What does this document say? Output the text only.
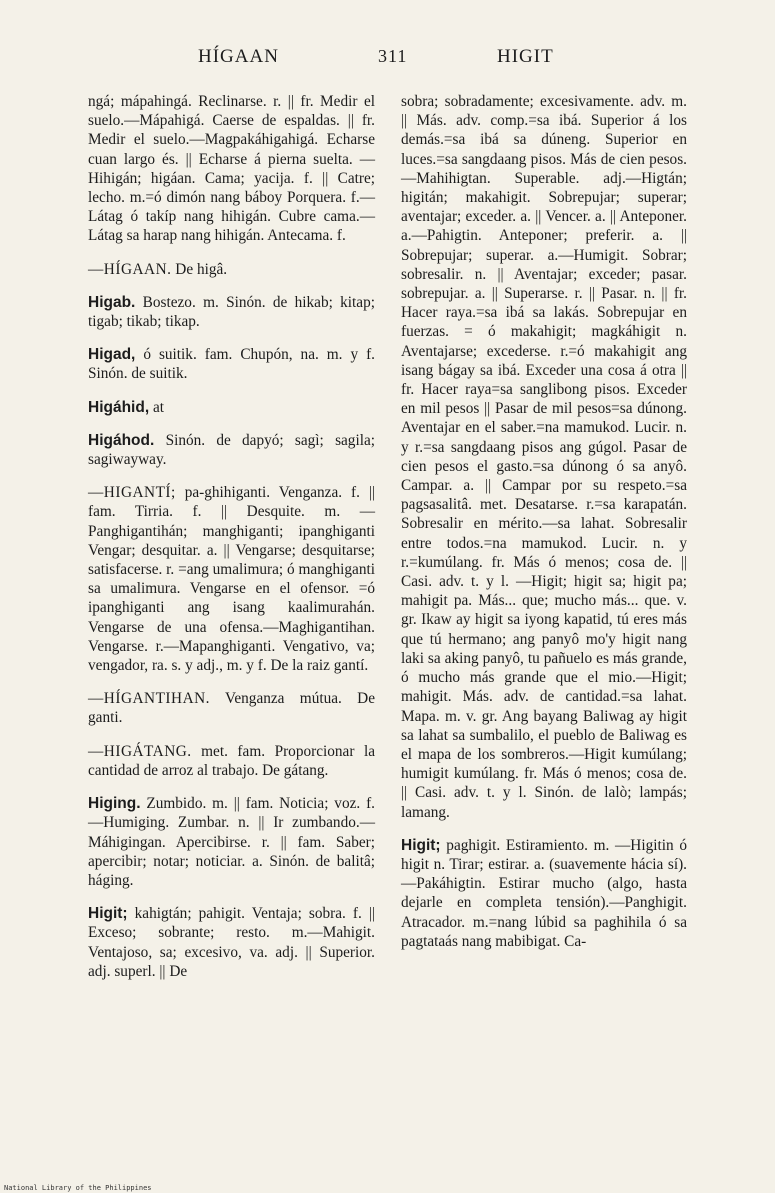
HÍGAAN	311	HIGIT

ngá; mápahingá. Reclinarse. r. || fr. Medir el suelo.—Mápahigá. Caerse de espaldas. || fr. Medir el suelo.—Magpakáhigahigá. Echarse cuan largo és. || Echarse á pierna suelta. — Hihigán; higáan. Cama; yacija. f. || Catre; lecho. m.=ó dimón nang báboy Porquera. f.—Látag ó takíp nang hihigán. Cubre cama.—Látag sa harap nang hihigán. Antecama. f.

—HÍGAAN. De higâ.

Higab. Bostezo. m. Sinón. de hikab; kitap; tigab; tikab; tikap.

Higad, ó suitik. fam. Chupón, na. m. y f. Sinón. de suitik.

Higáhid, at

Higáhod. Sinón. de dapyó; sagì; sagila; sagiwayway.

—HIGANTÍ; pa-ghihiganti. Venganza. f. || fam. Tirria. f. || Desquite. m. — Panghigantihán; manghiganti; ipanghiganti Vengar; desquitar. a. || Vengarse; desquitarse; satisfacerse. r. =ang umalimura; ó manghiganti sa umalimura. Vengarse en el ofensor. =ó ipanghiganti ang isang kaalimurahán. Vengarse de una ofensa.—Maghigantihan. Vengarse. r.—Mapanghiganti. Vengativo, va; vengador, ra. s. y adj., m. y f. De la raiz gantí.

—HÍGANTIHAN. Venganza mútua. De ganti.

—HIGÁTANG. met. fam. Proporcionar la cantidad de arroz al trabajo. De gátang.

Higing. Zumbido. m. || fam. Noticia; voz. f.—Humiging. Zumbar. n. || Ir zumbando.—Máhigingan. Apercibirse. r. || fam. Saber; apercibir; notar; noticiar. a. Sinón. de balitâ; háging.

Higit; kahigtán; pahigit. Ventaja; sobra. f. || Exceso; sobrante; resto. m.—Mahigit. Ventajoso, sa; excesivo, va. adj. || Superior. adj. superl. || De

sobra; sobradamente; excesivamente. adv. m. || Más. adv. comp.=sa ibá. Superior á los demás.=sa ibá sa dúneng. Superior en luces.=sa sangdaang pisos. Más de cien pesos.—Mahihigtan. Superable. adj.—Higtán; higitán; makahigit. Sobrepujar; superar; aventajar; exceder. a. || Vencer. a. || Anteponer. a.—Pahigtin. Anteponer; preferir. a. || Sobrepujar; superar. a.—Humigit. Sobrar; sobresalir. n. || Aventajar; exceder; pasar. sobrepujar. a. || Superarse. r. || Pasar. n. || fr. Hacer raya.=sa ibá sa lakás. Sobrepujar en fuerzas. = ó makahigit; magkáhigit n. Aventajarse; excederse. r.=ó makahigit ang isang bágay sa ibá. Exceder una cosa á otra || fr. Hacer raya=sa sanglibong pisos. Exceder en mil pesos || Pasar de mil pesos=sa dúnong. Aventajar en el saber.=na mamukod. Lucir. n. y r.=sa sangdaang pisos ang gúgol. Pasar de cien pesos el gasto.=sa dúnong ó sa anyô. Campar. a. || Campar por su respeto.=sa pagsasalitâ. met. Desatarse. r.=sa karapatán. Sobresalir en mérito.—sa lahat. Sobresalir entre todos.=na mamukod. Lucir. n. y r.=kumúlang. fr. Más ó menos; cosa de. || Casi. adv. t. y l. —Higit; higit sa; higit pa; mahigit pa. Más... que; mucho más... que. v. gr. Ikaw ay higit sa iyong kapatid, tú eres más que tú hermano; ang panyô mo'y higit nang laki sa aking panyô, tu pañuelo es más grande, ó mucho más grande que el mio.—Higit; mahigit. Más. adv. de cantidad.=sa lahat. Mapa. m. v. gr. Ang bayang Baliwag ay higit sa lahat sa sumbalilo, el pueblo de Baliwag es el mapa de los sombreros.—Higit kumúlang; humigit kumúlang. fr. Más ó menos; cosa de. || Casi. adv. t. y l. Sinón. de lalò; lampás; lamang.

Higit; paghigit. Estiramiento. m. —Higitin ó higit n. Tirar; estirar. a. (suavemente hácia sí).—Pakáhigtin. Estirar mucho (algo, hasta dejarle en completa tensión).—Panghigit. Atracador. m.=nang lúbid sa paghihila ó sa pagtataás nang mabibigat. Ca-

National Library of the Philippines
